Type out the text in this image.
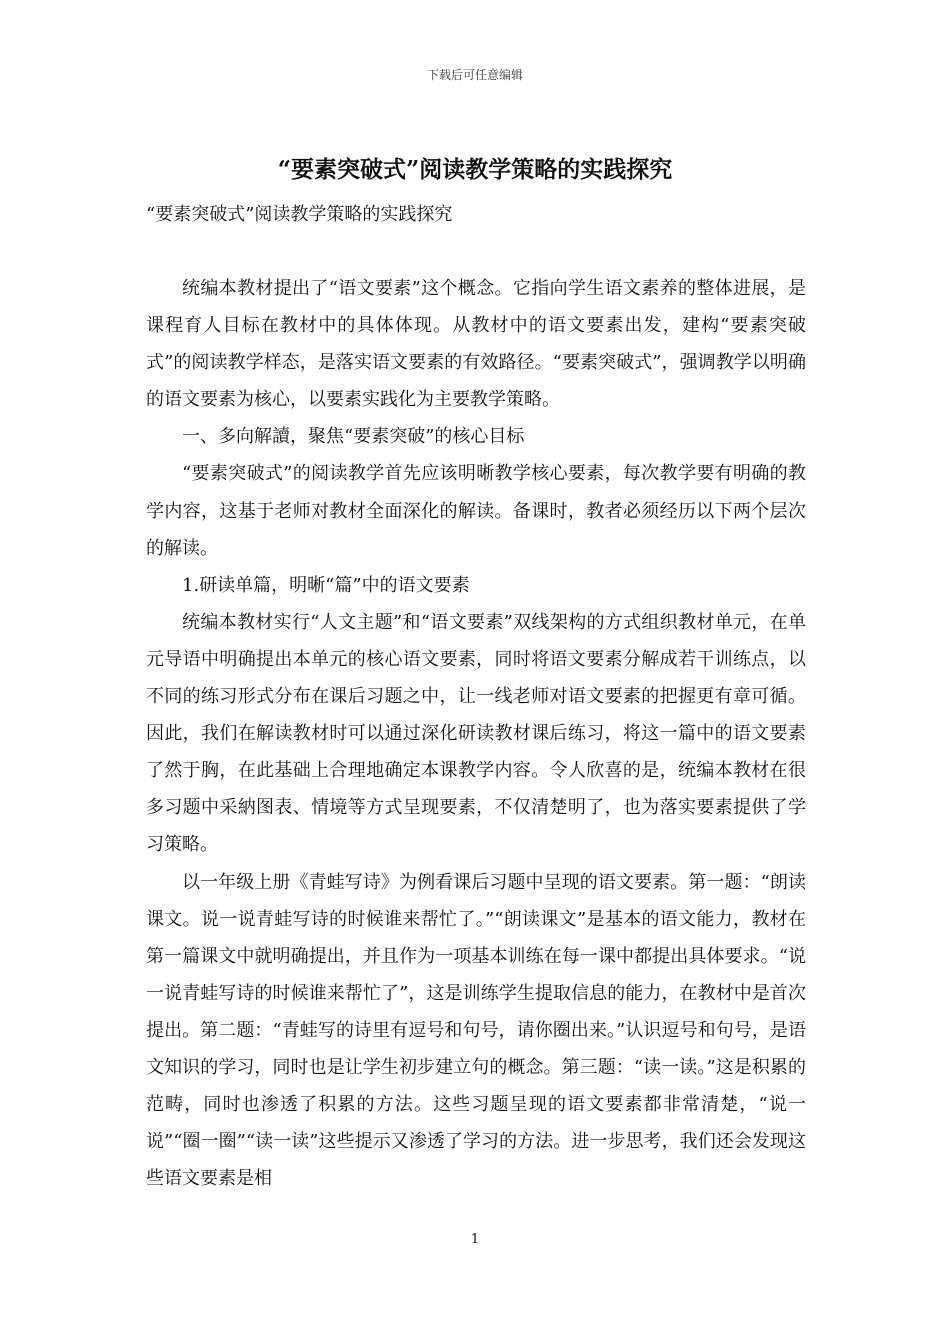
下载后可任意编辑
“要素突破式”阅读教学策略的实践探究

“要素突破式”阅读教学策略的实践探究

统编本教材提出了“语文要素”这个概念。它指向学生语文素养的整体进展，是课程育人目标在教材中的具体体现。从教材中的语文要素出发，建构“要素突破式”的阅读教学样态，是落实语文要素的有效路径。“要素突破式”，强调教学以明确的语文要素为核心，以要素实践化为主要教学策略。

一、多向解讀，聚焦“要素突破”的核心目标

“要素突破式”的阅读教学首先应该明晰教学核心要素，每次教学要有明确的教学内容，这基于老师对教材全面深化的解读。备课时，教者必须经历以下两个层次的解读。

1.研读单篇，明晰“篇”中的语文要素

统编本教材实行“人文主题”和“语文要素”双线架构的方式组织教材单元，在单元导语中明确提出本单元的核心语文要素，同时将语文要素分解成若干训练点，以不同的练习形式分布在课后习题之中，让一线老师对语文要素的把握更有章可循。因此，我们在解读教材时可以通过深化研读教材课后练习，将这一篇中的语文要素了然于胸，在此基础上合理地确定本课教学内容。令人欣喜的是，统编本教材在很多习题中采納图表、情境等方式呈现要素，不仅清楚明了，也为落实要素提供了学习策略。

以一年级上册《青蛙写诗》为例看课后习题中呈现的语文要素。第一题：“朗读课文。说一说青蛙写诗的时候谁来帮忙了。”“朗读课文”是基本的语文能力，教材在第一篇课文中就明确提出，并且作为一项基本训练在每一课中都提出具体要求。“说一说青蛙写诗的时候谁来帮忙了”，这是训练学生提取信息的能力，在教材中是首次提出。第二题：“青蛙写的诗里有逗号和句号，请你圈出来。”认识逗号和句号，是语文知识的学习，同时也是让学生初步建立句的概念。第三题：“读一读。”这是积累的范畴，同时也渗透了积累的方法。这些习题呈现的语文要素都非常清楚，“说一说”“圈一圈”“读一读”这些提示又渗透了学习的方法。进一步思考，我们还会发现这些语文要素是相

1
